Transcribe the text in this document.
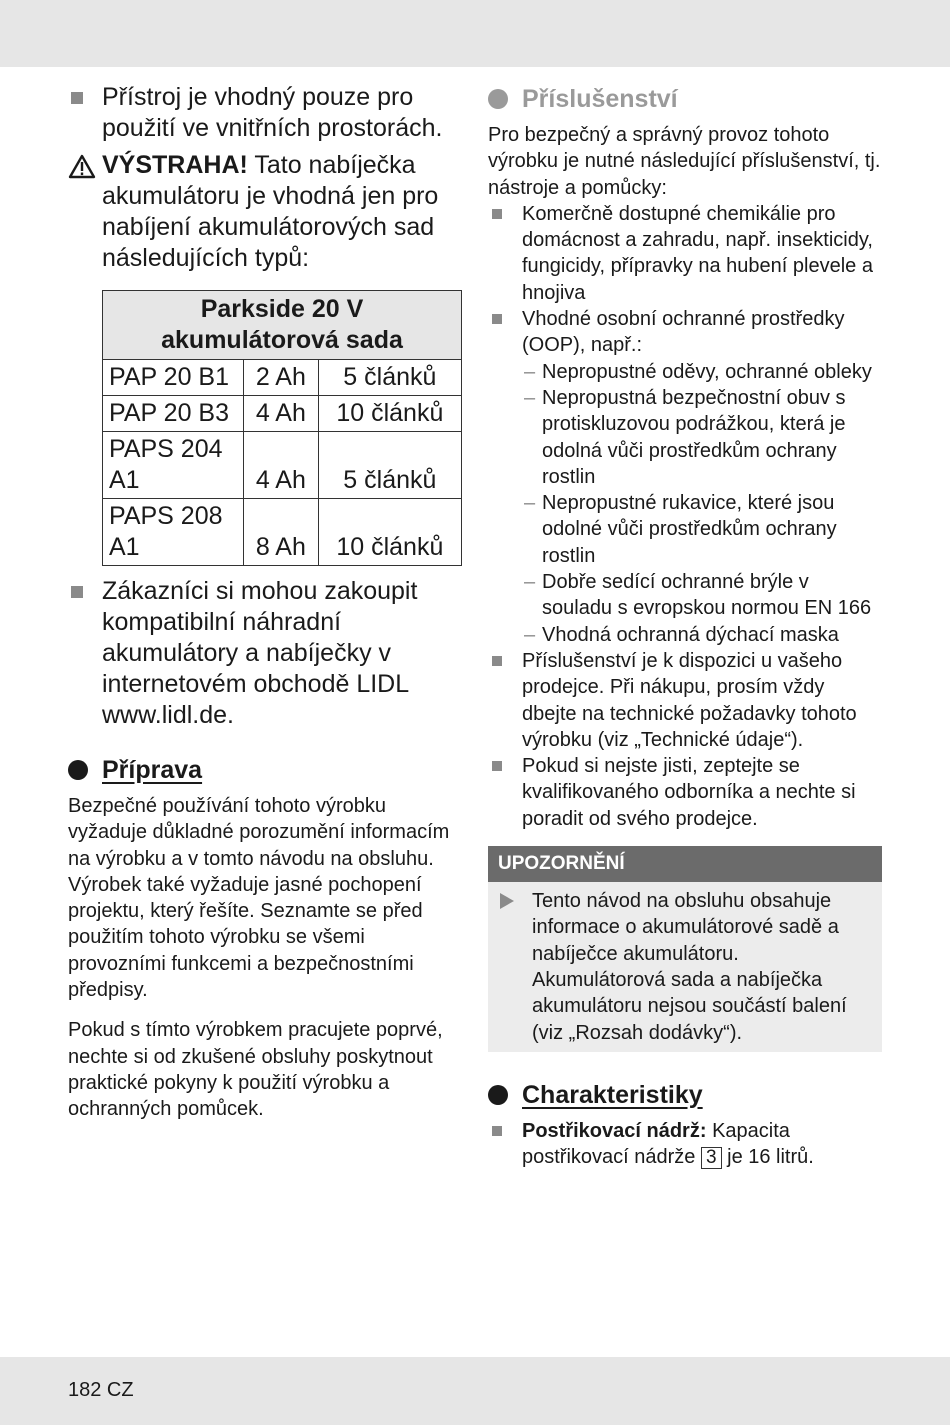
Přístroj je vhodný pouze pro použití ve vnitřních prostorách.
VÝSTRAHA! Tato nabíječka akumulátoru je vhodná jen pro nabíjení akumulátorových sad následujících typů:
Parkside 20 V akumulátorová sada		
PAP 20 B1	2 Ah	5 článků
PAP 20 B3	4 Ah	10 článků
PAPS 204 A1	4 Ah	5 článků
PAPS 208 A1	8 Ah	10 článků
Zákazníci si mohou zakoupit kompatibilní náhradní akumulátory a nabíječky v internetovém obchodě LIDL www.lidl.de.
Příprava
Bezpečné používání tohoto výrobku vyžaduje důkladné porozumění informacím na výrobku a v tomto návodu na obsluhu. Výrobek také vyžaduje jasné pochopení projektu, který řešíte. Seznamte se před použitím tohoto výrobku se všemi provozními funkcemi a bezpečnostními předpisy.
Pokud s tímto výrobkem pracujete poprvé, nechte si od zkušené obsluhy poskytnout praktické pokyny k použití výrobku a ochranných pomůcek.
Příslušenství
Pro bezpečný a správný provoz tohoto výrobku je nutné následující příslušenství, tj. nástroje a pomůcky:
Komerčně dostupné chemikálie pro domácnost a zahradu, např. insekticidy, fungicidy, přípravky na hubení plevele a hnojiva
Vhodné osobní ochranné prostředky (OOP), např.:
– Nepropustné oděvy, ochranné obleky
– Nepropustná bezpečnostní obuv s protiskluzovou podrážkou, která je odolná vůči prostředkům ochrany rostlin
– Nepropustné rukavice, které jsou odolné vůči prostředkům ochrany rostlin
– Dobře sedící ochranné brýle v souladu s evropskou normou EN 166
– Vhodná ochranná dýchací maska
Příslušenství je k dispozici u vašeho prodejce. Při nákupu, prosím vždy dbejte na technické požadavky tohoto výrobku (viz „Technické údaje“).
Pokud si nejste jisti, zeptejte se kvalifikovaného odborníka a nechte si poradit od svého prodejce.
UPOZORNĚNÍ
Tento návod na obsluhu obsahuje informace o akumulátorové sadě a nabíječce akumulátoru. Akumulátorová sada a nabíječka akumulátoru nejsou součástí balení (viz „Rozsah dodávky“).
Charakteristiky
Postřikovací nádrž: Kapacita postřikovací nádrže 3 je 16 litrů.
182 CZ
